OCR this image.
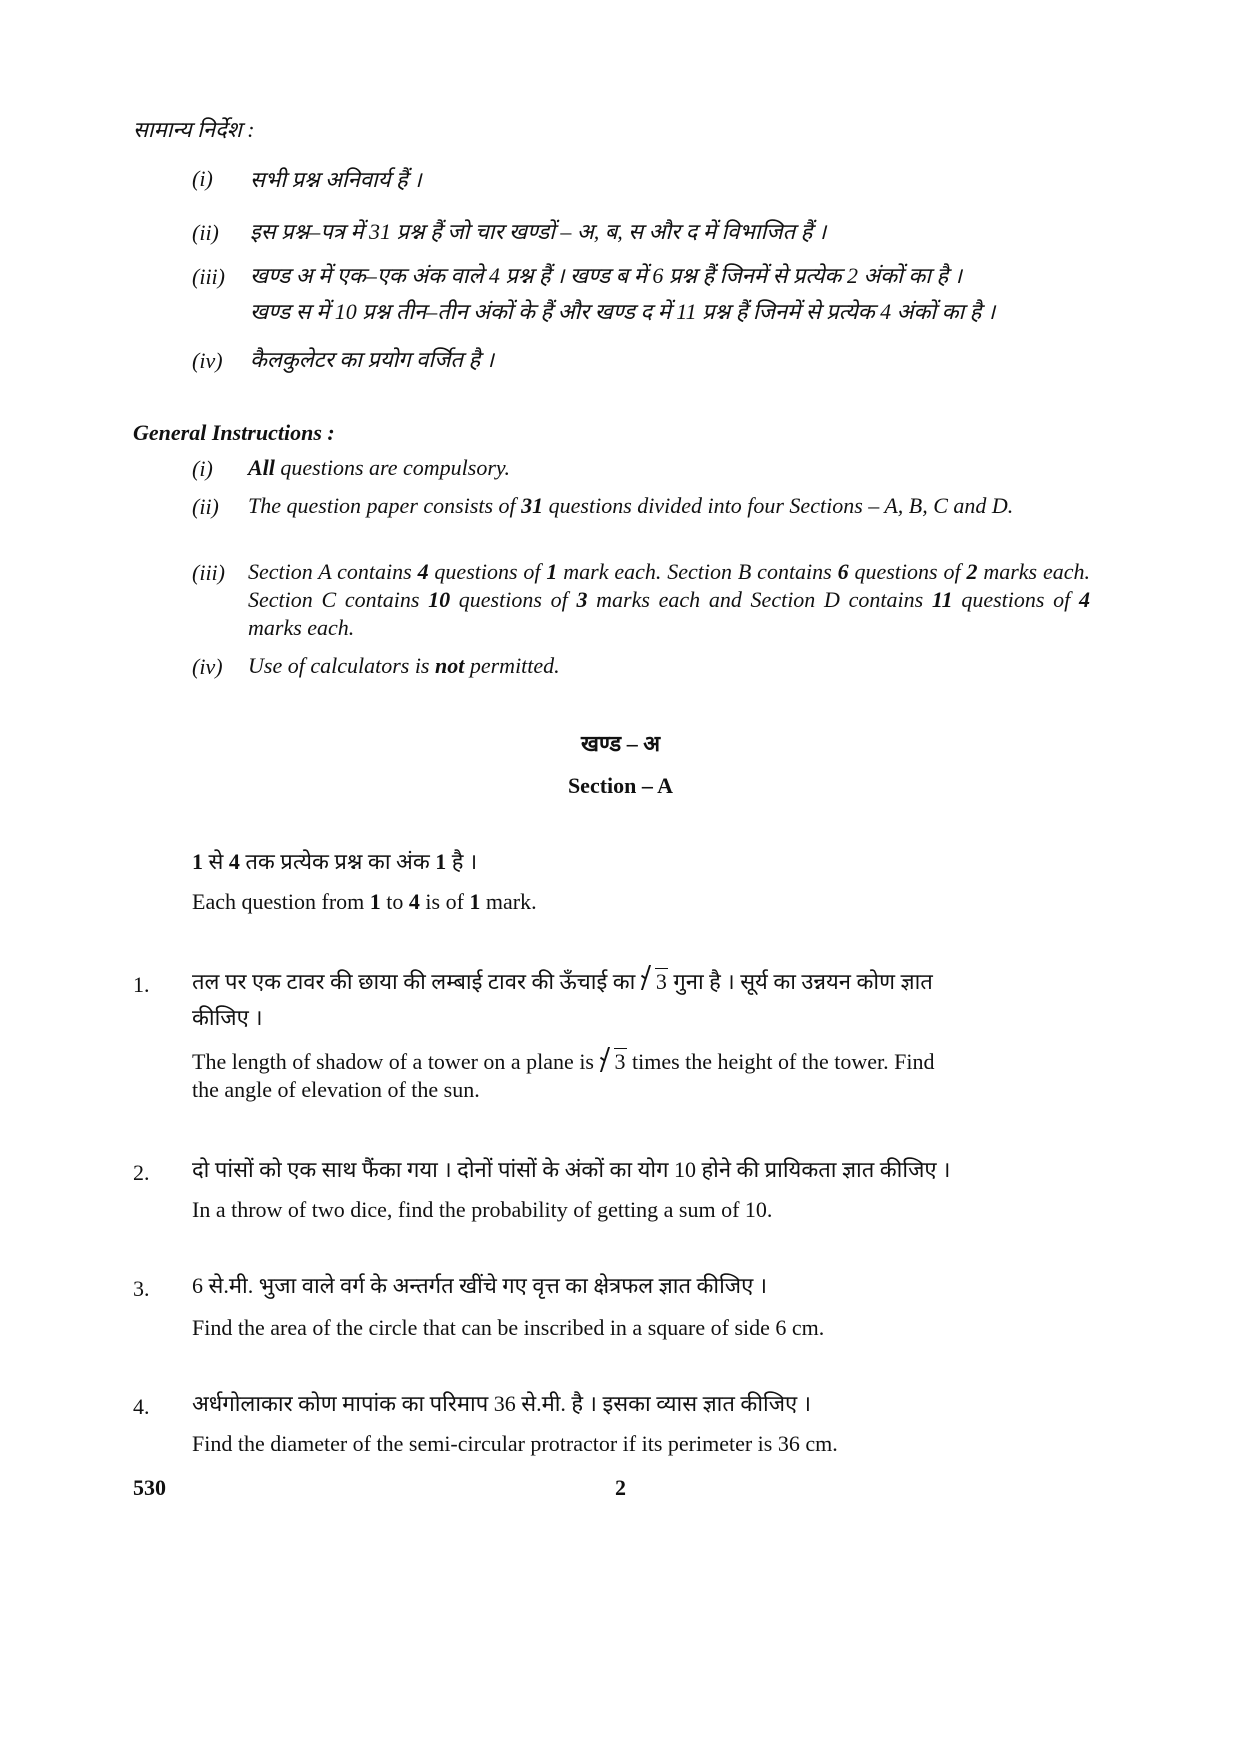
सामान्य निर्देश :
(i) सभी प्रश्न अनिवार्य हैं ।
(ii) इस प्रश्न–पत्र में 31 प्रश्न हैं जो चार खण्डों – अ, ब, स और द में विभाजित हैं ।
(iii) खण्ड अ में एक–एक अंक वाले 4 प्रश्न हैं । खण्ड ब में 6 प्रश्न हैं जिनमें से प्रत्येक 2 अंकों का है ।
खण्ड स में 10 प्रश्न तीन–तीन अंकों के हैं और खण्ड द में 11 प्रश्न हैं जिनमें से प्रत्येक 4 अंकों का है ।
(iv) कैलकुलेटर का प्रयोग वर्जित है ।
General Instructions :
(i) All questions are compulsory.
(ii) The question paper consists of 31 questions divided into four Sections – A, B, C and D.
(iii) Section A contains 4 questions of 1 mark each. Section B contains 6 questions of 2 marks each. Section C contains 10 questions of 3 marks each and Section D contains 11 questions of 4 marks each.
(iv) Use of calculators is not permitted.
खण्ड – अ
Section – A
1 से 4 तक प्रत्येक प्रश्न का अंक 1 है ।
Each question from 1 to 4 is of 1 mark.
1. तल पर एक टावर की छाया की लम्बाई टावर की ऊँचाई का 3 गुना है । सूर्य का उन्नयन कोण ज्ञात
कीजिए ।
The length of shadow of a tower on a plane is 3 times the height of the tower. Find
the angle of elevation of the sun.
2. दो पांसों को एक साथ फैंका गया । दोनों पांसों के अंकों का योग 10 होने की प्रायिकता ज्ञात कीजिए ।
In a throw of two dice, find the probability of getting a sum of 10.
3. 6 से.मी. भुजा वाले वर्ग के अन्तर्गत खींचे गए वृत्त का क्षेत्रफल ज्ञात कीजिए ।
Find the area of the circle that can be inscribed in a square of side 6 cm.
4. अर्धगोलाकार कोण मापांक का परिमाप 36 से.मी. है । इसका व्यास ज्ञात कीजिए ।
Find the diameter of the semi-circular protractor if its perimeter is 36 cm.
530	2
